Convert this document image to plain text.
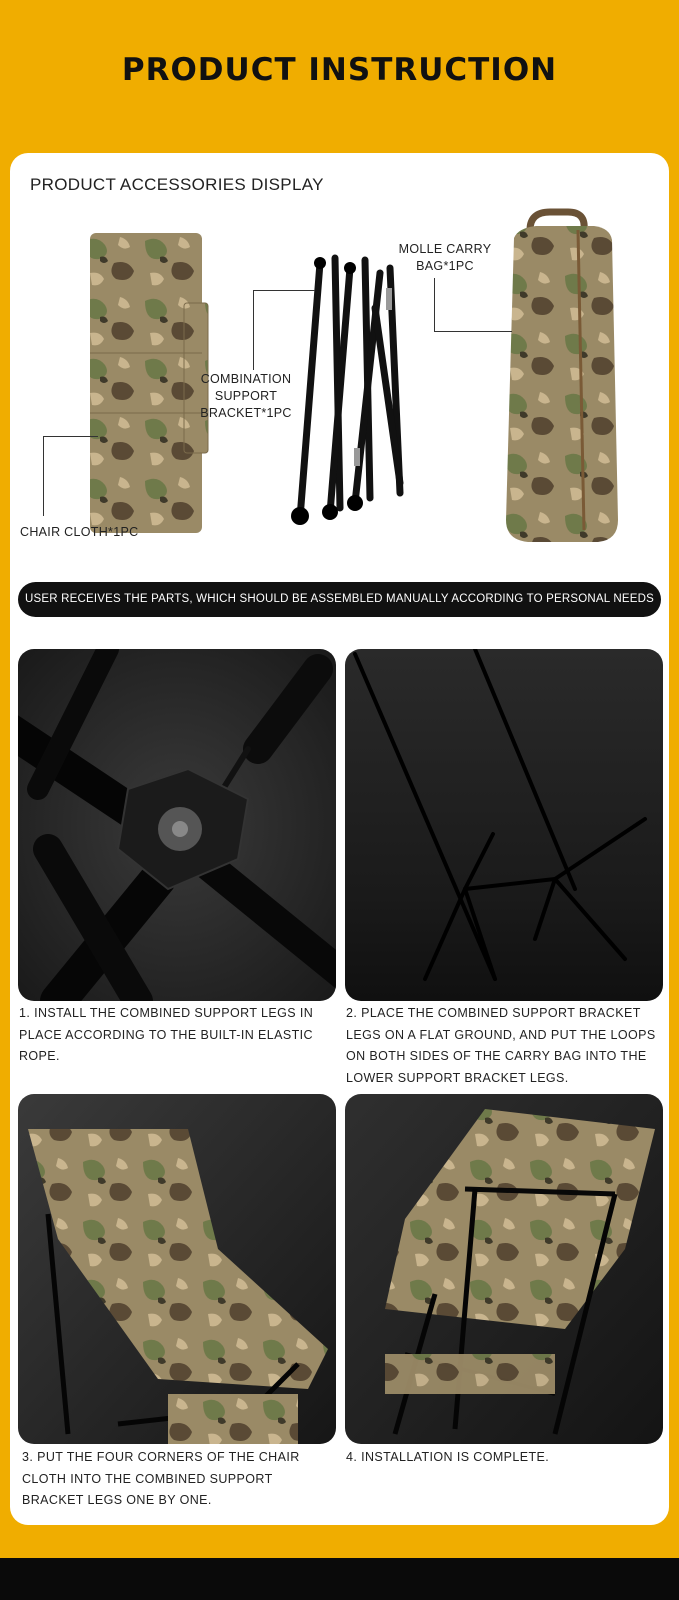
PRODUCT INSTRUCTION
PRODUCT ACCESSORIES DISPLAY
MOLLE CARRY BAG*1PC
COMBINATION SUPPORT BRACKET*1PC
CHAIR CLOTH*1PC
USER RECEIVES THE PARTS, WHICH SHOULD BE ASSEMBLED MANUALLY ACCORDING TO PERSONAL NEEDS
1. INSTALL THE COMBINED SUPPORT LEGS IN PLACE ACCORDING TO THE BUILT-IN ELASTIC ROPE.
2. PLACE THE COMBINED SUPPORT BRACKET LEGS ON A FLAT GROUND, AND PUT THE LOOPS ON BOTH SIDES OF THE CARRY BAG INTO THE LOWER SUPPORT BRACKET LEGS.
3. PUT THE FOUR CORNERS OF THE CHAIR CLOTH INTO THE COMBINED SUPPORT BRACKET LEGS ONE BY ONE.
4. INSTALLATION IS COMPLETE.
